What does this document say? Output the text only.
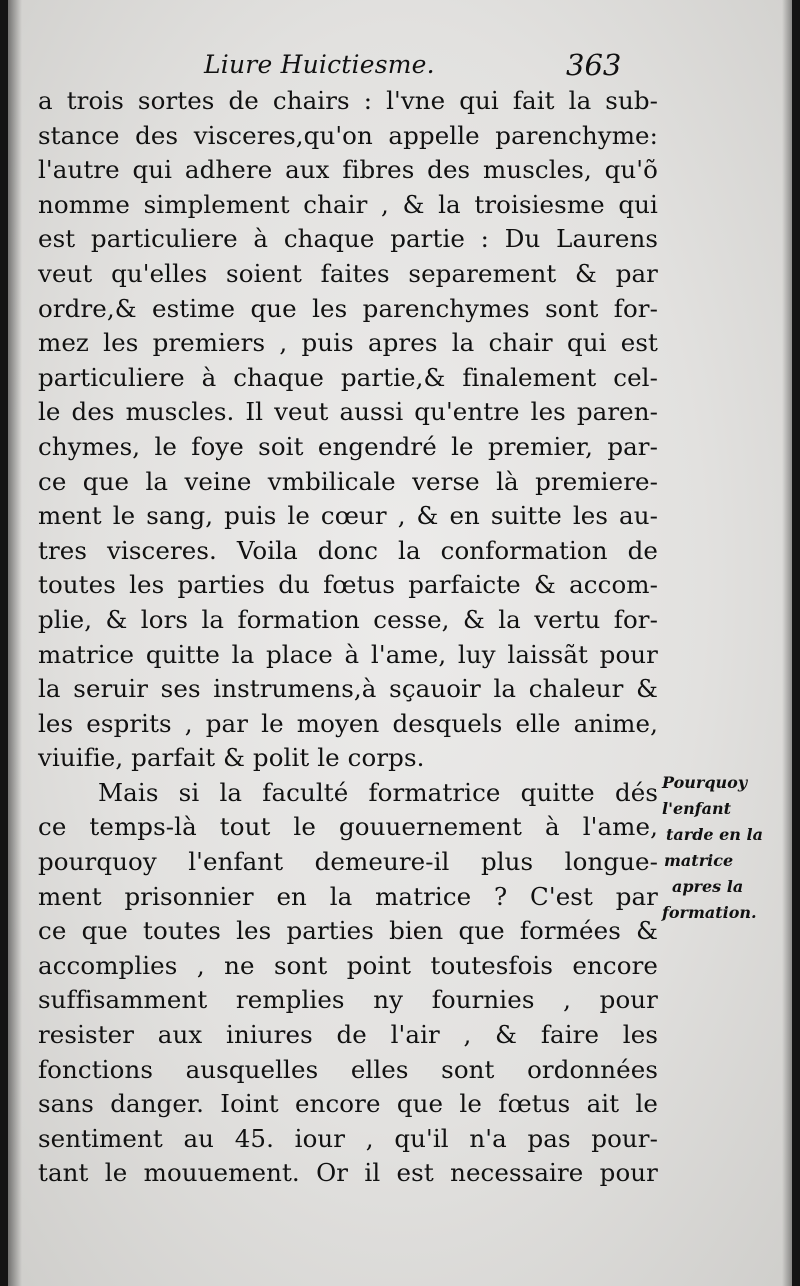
Liure Huictiesme.	363
a trois sortes de chairs : l'vne qui fait la sub-
stance des visceres,qu'on appelle parenchyme:
l'autre qui adhere aux fibres des muscles, qu'õ
nomme simplement chair , & la troisiesme qui
est particuliere à chaque partie : Du Laurens
veut qu'elles soient faites separement & par
ordre,& estime que les parenchymes sont for-
mez les premiers , puis apres la chair qui est
particuliere à chaque partie,& finalement cel-
le des muscles. Il veut aussi qu'entre les paren-
chymes, le foye soit engendré le premier, par-
ce que la veine vmbilicale verse là premiere-
ment le sang, puis le cœur , & en suitte les au-
tres visceres. Voila donc la conformation de
toutes les parties du fœtus parfaicte & accom-
plie, & lors la formation cesse, & la vertu for-
matrice quitte la place à l'ame, luy laissãt pour
la seruir ses instrumens,à sçauoir la chaleur &
les esprits , par le moyen desquels elle anime,
viuifie, parfait & polit le corps.
Mais si la faculté formatrice quitte dés
ce temps-là tout le gouuernement à l'ame,
pourquoy l'enfant demeure-il plus longue-
ment prisonnier en la matrice ? C'est par
ce que toutes les parties bien que formées &
accomplies , ne sont point toutesfois encore
suffisamment remplies ny fournies , pour
resister aux iniures de l'air , & faire les
fonctions ausquelles elles sont ordonnées
sans danger. Ioint encore que le fœtus ait le
sentiment au 45. iour , qu'il n'a pas pour-
tant le mouuement. Or il est necessaire pour
Pourquoy
l'enfant
tarde en la
matrice
apres la
formation.
